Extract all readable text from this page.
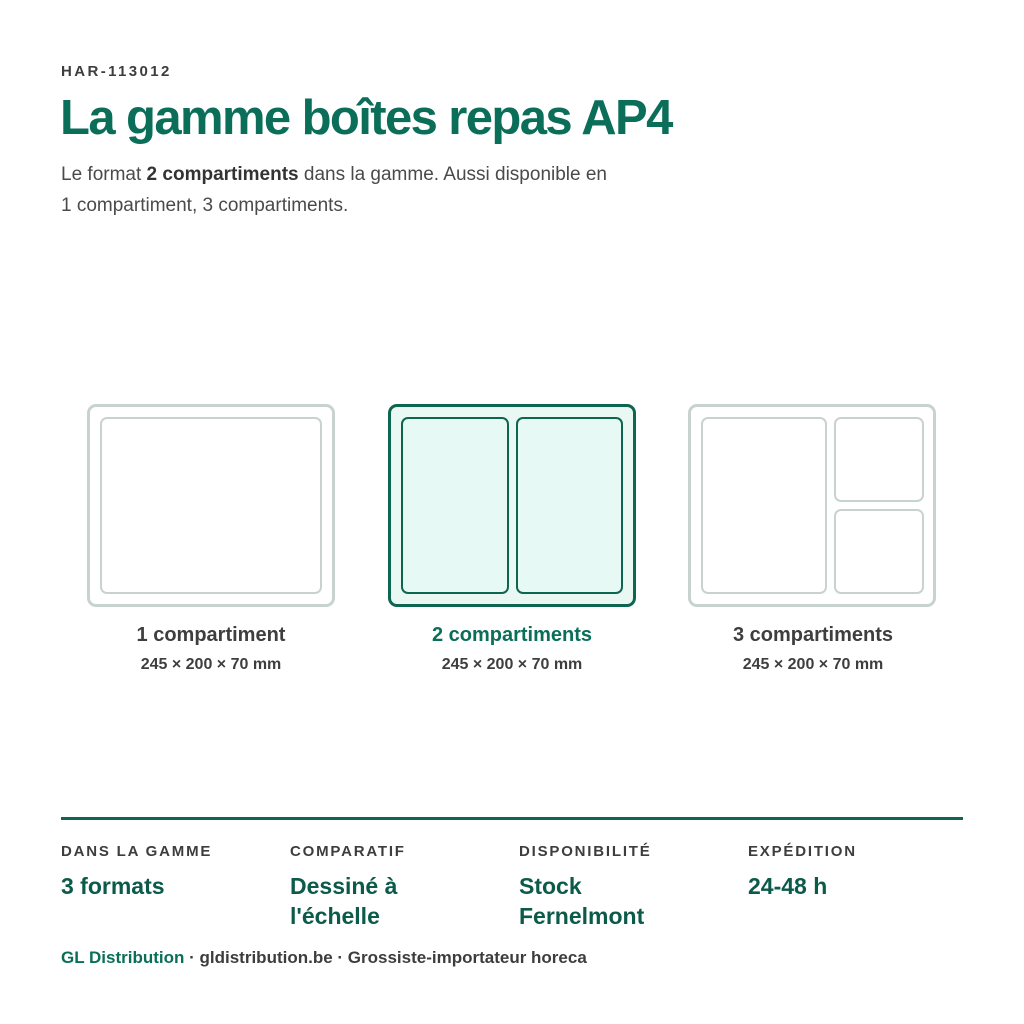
HAR-113012
La gamme boîtes repas AP4

Le format 2 compartiments dans la gamme. Aussi disponible en 1 compartiment, 3 compartiments.

1 compartiment
245 × 200 × 70 mm
2 compartiments
245 × 200 × 70 mm
3 compartiments
245 × 200 × 70 mm
DANS LA GAMME
3 formats
COMPARATIF
Dessiné à l'échelle
DISPONIBILITÉ
Stock Fernelmont
EXPÉDITION
24-48 h
GL Distribution · gldistribution.be · Grossiste-importateur horeca
